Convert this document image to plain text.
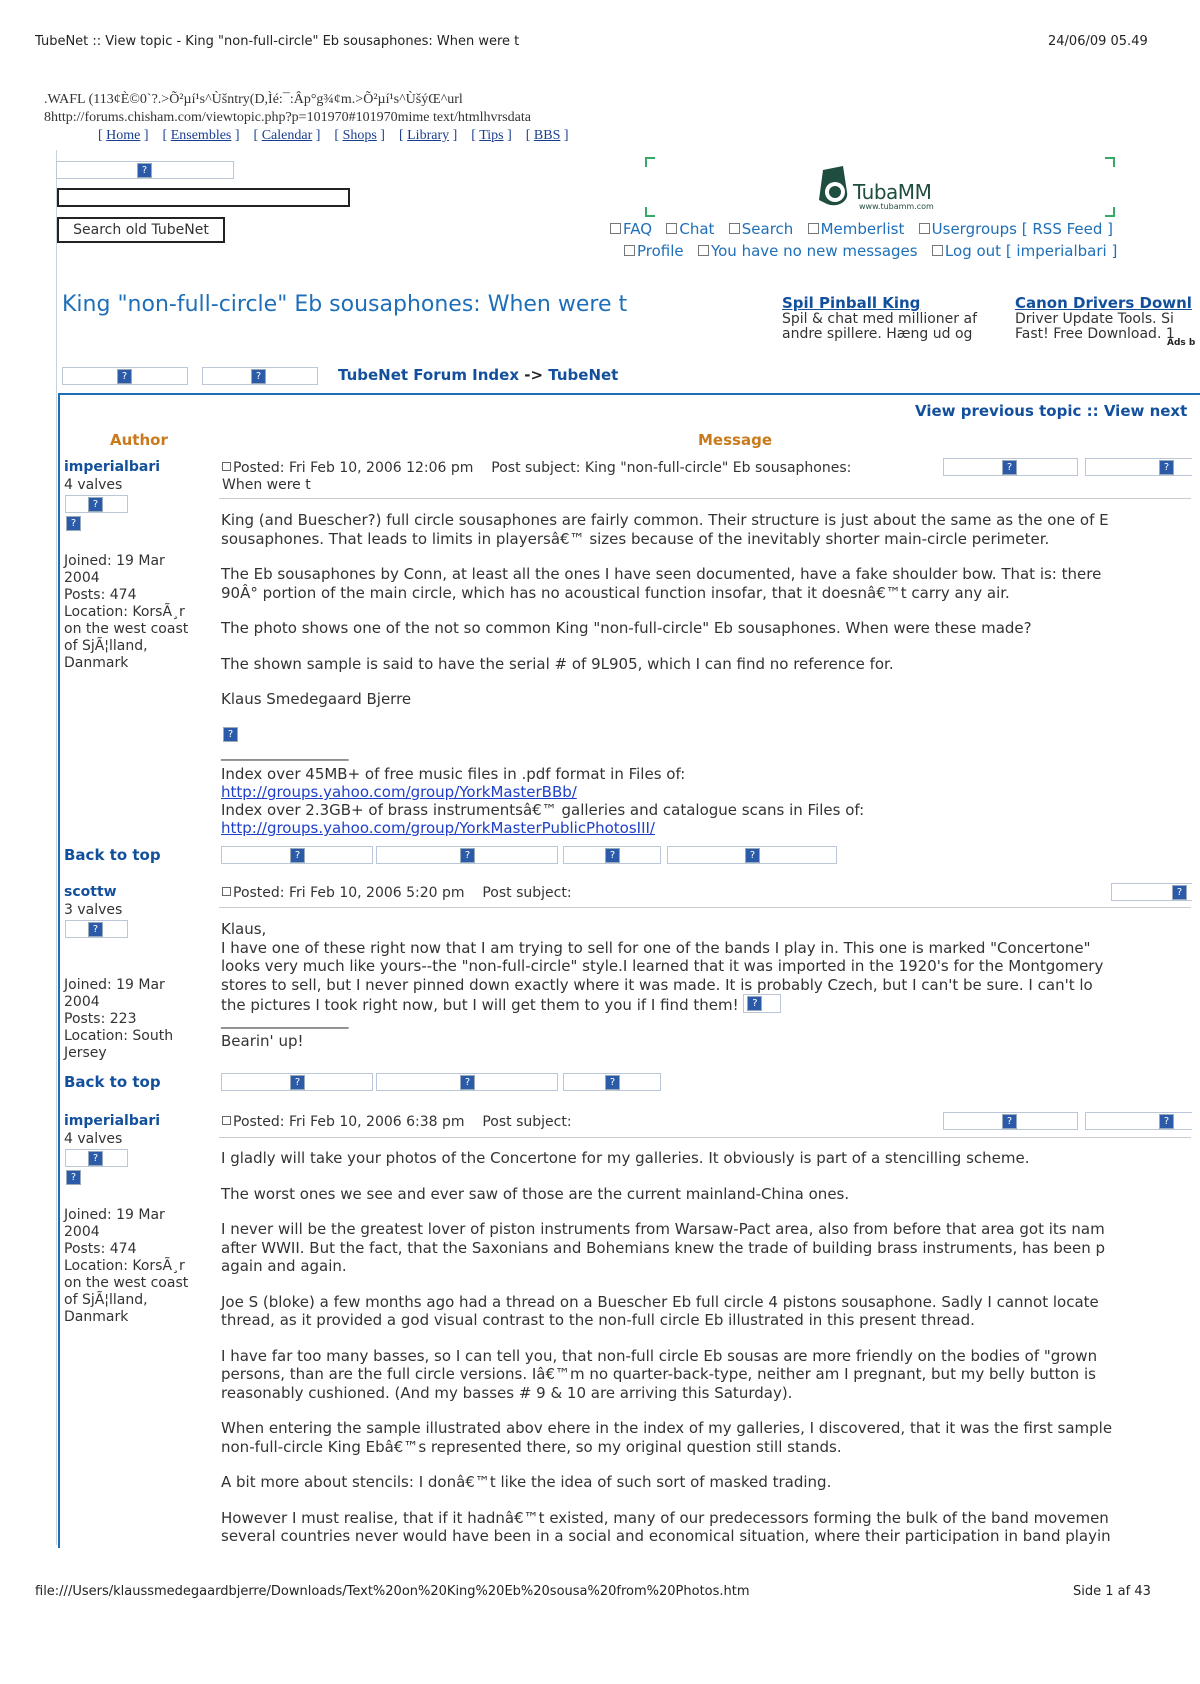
TubeNet :: View topic - King "non-full-circle" Eb sousaphones: When were t	24/06/09 05.49
.WAFL (113¢È©0`?.>Õ²µí¹s^Ùšntry(D,Ìé:¯:Âp°g¾¢m.>Õ²µí¹s^ÙšýŒ^url
8http://forums.chisham.com/viewtopic.php?p=101970#101970mime text/htmlhvrsdata
[ Home ]    [ Ensembles ]    [ Calendar ]    [ Shops ]    [ Library ]    [ Tips ]    [ BBS ]
?
Search old TubeNet
TubaMM
www.tubamm.com
FAQ Chat Search Memberlist Usergroups [ RSS Feed ]
Profile You have no new messages Log out [ imperialbari ]
King "non-full-circle" Eb sousaphones: When were t	Spil Pinball King
Spil & chat med millioner af
andre spillere. Hæng ud og
Canon Drivers Downl
Driver Update Tools. Si
Fast! Free Download. 1
Ads b
?	?	TubeNet Forum Index -> TubeNet
View previous topic :: View next
Author	Message
imperialbari
4 valves
?
?
Joined: 19 Mar
2004
Posts: 474
Location: KorsÃ¸r
on the west coast
of SjÃ¦lland,
Danmark
Posted: Fri Feb 10, 2006 12:06 pm Post subject: King "non-full-circle" Eb sousaphones:
When were t
?	?

King (and Buescher?) full circle sousaphones are fairly common. Their structure is just about the same as the one of E
sousaphones. That leads to limits in playersâ€™ sizes because of the inevitably shorter main-circle perimeter.

The Eb sousaphones by Conn, at least all the ones I have seen documented, have a fake shoulder bow. That is: there
90Â° portion of the main circle, which has no acoustical function insofar, that it doesnâ€™t carry any air.

The photo shows one of the not so common King "non-full-circle" Eb sousaphones. When were these made?

The shown sample is said to have the serial # of 9L905, which I can find no reference for.

Klaus Smedegaard Bjerre

?
_________________
Index over 45MB+ of free music files in .pdf format in Files of:
http://groups.yahoo.com/group/YorkMasterBBb/
Index over 2.3GB+ of brass instrumentsâ€™ galleries and catalogue scans in Files of:
http://groups.yahoo.com/group/YorkMasterPublicPhotosIII/
Back to top	?	?	?	?
scottw
3 valves
?
Joined: 19 Mar
2004
Posts: 223
Location: South
Jersey
Posted: Fri Feb 10, 2006 5:20 pm Post subject:	?
Klaus,
I have one of these right now that I am trying to sell for one of the bands I play in. This one is marked "Concertone"
looks very much like yours--the "non-full-circle" style.I learned that it was imported in the 1920's for the Montgomery
stores to sell, but I never pinned down exactly where it was made. It is probably Czech, but I can't be sure. I can't lo
the pictures I took right now, but I will get them to you if I find them!	?
_________________
Bearin' up!
Back to top	?	?	?
imperialbari
4 valves
?
?
Joined: 19 Mar
2004
Posts: 474
Location: KorsÃ¸r
on the west coast
of SjÃ¦lland,
Danmark
Posted: Fri Feb 10, 2006 6:38 pm Post subject:	?	?

I gladly will take your photos of the Concertone for my galleries. It obviously is part of a stencilling scheme.

The worst ones we see and ever saw of those are the current mainland-China ones.

I never will be the greatest lover of piston instruments from Warsaw-Pact area, also from before that area got its nam
after WWII. But the fact, that the Saxonians and Bohemians knew the trade of building brass instruments, has been p
again and again.

Joe S (bloke) a few months ago had a thread on a Buescher Eb full circle 4 pistons sousaphone. Sadly I cannot locate
thread, as it provided a god visual contrast to the non-full circle Eb illustrated in this present thread.

I have far too many basses, so I can tell you, that non-full circle Eb sousas are more friendly on the bodies of "grown
persons, than are the full circle versions. Iâ€™m no quarter-back-type, neither am I pregnant, but my belly button is
reasonably cushioned. (And my basses # 9 & 10 are arriving this Saturday).

When entering the sample illustrated abov ehere in the index of my galleries, I discovered, that it was the first sample
non-full-circle King Ebâ€™s represented there, so my original question still stands.

A bit more about stencils: I donâ€™t like the idea of such sort of masked trading.

However I must realise, that if it hadnâ€™t existed, many of our predecessors forming the bulk of the band movemen
several countries never would have been in a social and economical situation, where their participation in band playin

file:///Users/klaussmedegaardbjerre/Downloads/Text%20on%20King%20Eb%20sousa%20from%20Photos.htm	Side 1 af 43
